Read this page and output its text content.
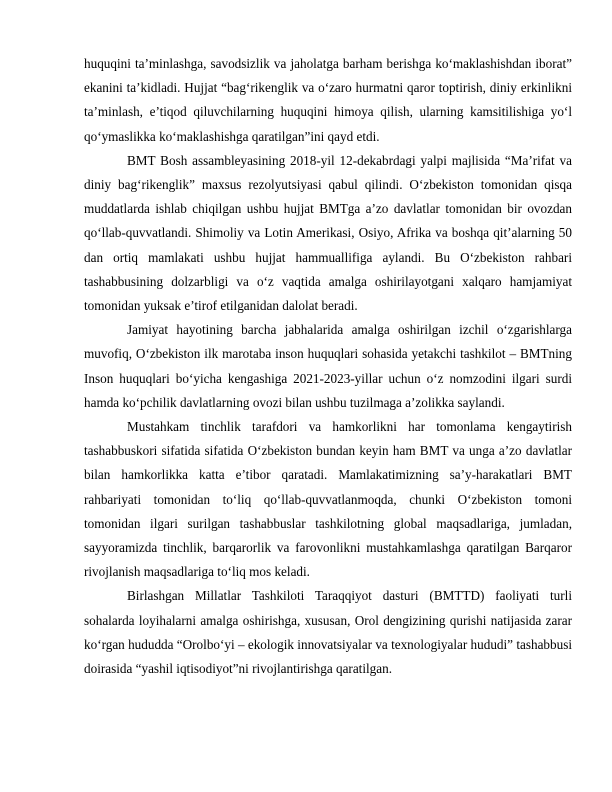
huquqini ta’minlashga, savodsizlik va jaholatga barham berishga ko‘maklashishdan iborat” ekanini ta’kidladi. Hujjat “bag‘rikenglik va o‘zaro hurmatni qaror toptirish, diniy erkinlikni ta’minlash, e’tiqod qiluvchilarning huquqini himoya qilish, ularning kamsitilishiga yo‘l qo‘ymaslikka ko‘maklashishga qaratilgan”ini qayd etdi.

BMT Bosh assambleyasining 2018-yil 12-dekabrdagi yalpi majlisida “Ma’rifat va diniy bag‘rikenglik” maxsus rezolyutsiyasi qabul qilindi. O‘zbekiston tomonidan qisqa muddatlarda ishlab chiqilgan ushbu hujjat BMTga a’zo davlatlar tomonidan bir ovozdan qo‘llab-quvvatlandi. Shimoliy va Lotin Amerikasi, Osiyo, Afrika va boshqa qit’alarning 50 dan ortiq mamlakati ushbu hujjat hammuallifiga aylandi. Bu O‘zbekiston rahbari tashabbusining dolzarbligi va o‘z vaqtida amalga oshirilayotgani xalqaro hamjamiyat tomonidan yuksak e’tirof etilganidan dalolat beradi.

Jamiyat hayotining barcha jabhalarida amalga oshirilgan izchil o‘zgarishlarga muvofiq, O‘zbekiston ilk marotaba inson huquqlari sohasida yetakchi tashkilot – BMTning Inson huquqlari bo‘yicha kengashiga 2021-2023-yillar uchun o‘z nomzodini ilgari surdi hamda ko‘pchilik davlatlarning ovozi bilan ushbu tuzilmaga a’zolikka saylandi.

Mustahkam tinchlik tarafdori va hamkorlikni har tomonlama kengaytirish tashabbuskori sifatida sifatida O‘zbekiston bundan keyin ham BMT va unga a’zo davlatlar bilan hamkorlikka katta e’tibor qaratadi. Mamlakatimizning sa’y-harakatlari BMT rahbariyati tomonidan to‘liq qo‘llab-quvvatlanmoqda, chunki O‘zbekiston tomoni tomonidan ilgari surilgan tashabbuslar tashkilotning global maqsadlariga, jumladan, sayyoramizda tinchlik, barqarorlik va farovonlikni mustahkamlashga qaratilgan Barqaror rivojlanish maqsadlariga to‘liq mos keladi.

Birlashgan Millatlar Tashkiloti Taraqqiyot dasturi (BMTTD) faoliyati turli sohalarda loyihalarni amalga oshirishga, xususan, Orol dengizining qurishi natijasida zarar ko‘rgan hududda “Orolbo‘yi – ekologik innovatsiyalar va texnologiyalar hududi” tashabbusi doirasida “yashil iqtisodiyot”ni rivojlantirishga qaratilgan.
